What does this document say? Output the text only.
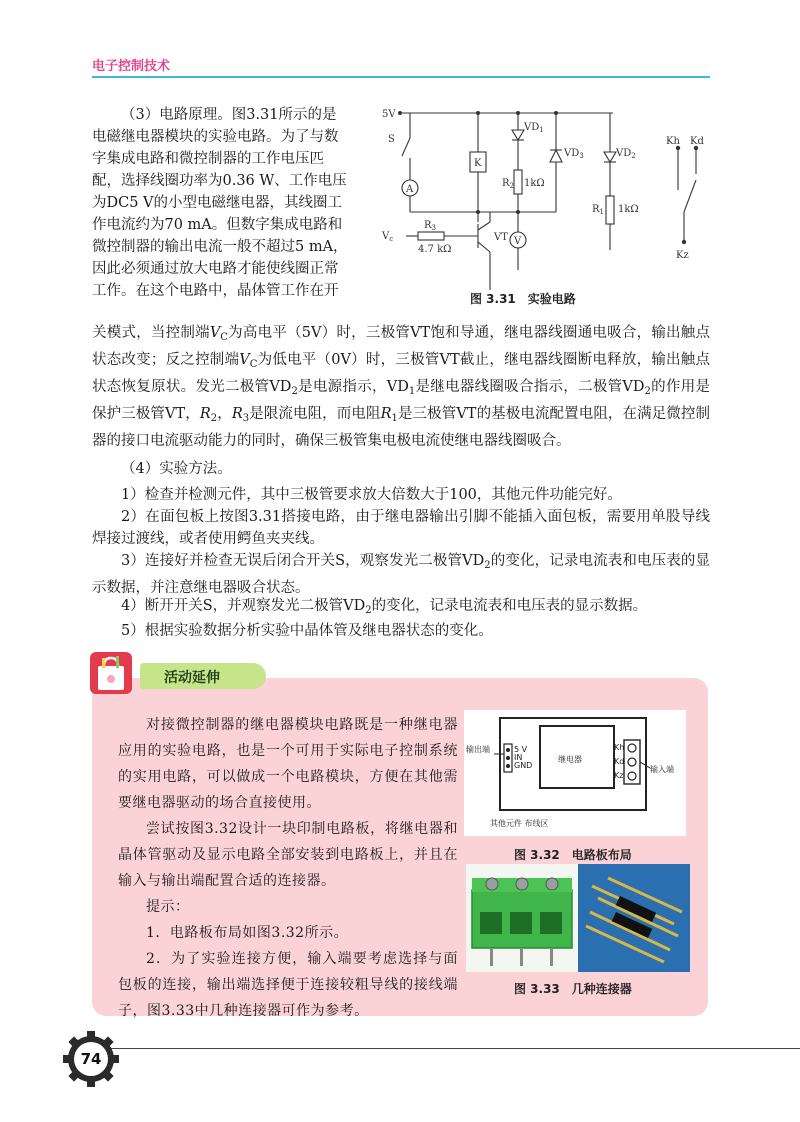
电子控制技术
（3）电路原理。图3.31所示的是
电磁继电器模块的实验电路。为了与数
字集成电路和微控制器的工作电压匹
配，选择线圈功率为0.36 W、工作电压
为DC5 V的小型电磁继电器，其线圈工
作电流约为70 mA。但数字集成电路和
微控制器的输出电流一般不超过5 mA，
因此必须通过放大电路才能使线圈正常
工作。在这个电路中，晶体管工作在开
5V
S
A
K
$V_c$
$R_3$
4.7 kΩ
VT V
$R_2$ 1kΩ
$R_1$ 1kΩ
$VD_1$
$VD_3$	$VD_2$
Kh Kd
Kz
图 3.31　实验电路
关模式，当控制端$V_C$为高电平（5V）时，三极管VT饱和导通，继电器线圈通电吸合，输出触点状态改变；反之控制端$V_C$为低电平（0V）时，三极管VT截止，继电器线圈断电释放，输出触点状态恢复原状。发光二极管$VD_2$是电源指示，$VD_1$是继电器线圈吸合指示，二极管$VD_2$的作用是保护三极管VT，$R_2$，$R_3$是限流电阻，而电阻$R_1$是三极管VT的基极电流配置电阻，在满足微控制器的接口电流驱动能力的同时，确保三极管集电极电流使继电器线圈吸合。
（4）实验方法。
1）检查并检测元件，其中三极管要求放大倍数大于100，其他元件功能完好。
2）在面包板上按图3.31搭接电路，由于继电器输出引脚不能插入面包板，需要用单股导线焊接过渡线，或者使用鳄鱼夹夹线。
3）连接好并检查无误后闭合开关S，观察发光二极管$VD_2$的变化，记录电流表和电压表的显示数据，并注意继电器吸合状态。
4）断开开关S，并观察发光二极管$VD_2$的变化，记录电流表和电压表的显示数据。
5）根据实验数据分析实验中晶体管及继电器状态的变化。
活动延伸
对接微控制器的继电器模块电路既是一种继电器应用的实验电路，也是一个可用于实际电子控制系统的实用电路，可以做成一个电路模块，方便在其他需要继电器驱动的场合直接使用。
尝试按图3.32设计一块印制电路板，将继电器和晶体管驱动及显示电路全部安装到电路板上，并且在输入与输出端配置合适的连接器。
提示：
1．电路板布局如图3.32所示。
2．为了实验连接方便，输入端要考虑选择与面包板的连接，输出端选择便于连接较粗导线的接线端子，图3.33中几种连接器可作为参考。
输出端
继电器
输入端
5 V
IN
GND
Kh
Kd
Kz
其他元件 布线区
图 3.32　电路板布局
图 3.33　几种连接器
74
